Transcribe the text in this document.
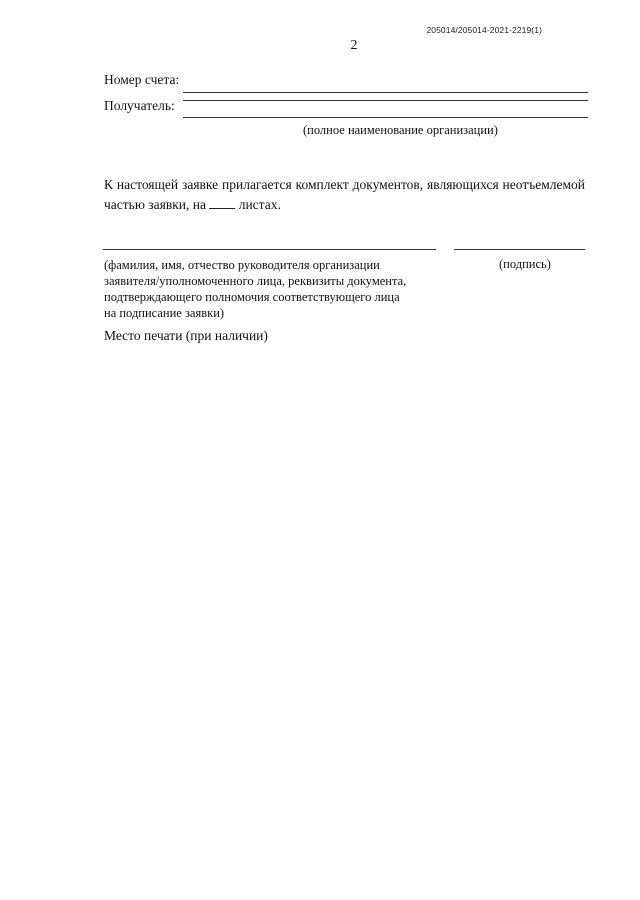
205014/205014-2021-2219(1)
2
Номер счета:
Получатель:
(полное наименование организации)
К настоящей заявке прилагается комплект документов, являющихся неотъемлемой частью заявки, на листах.
(фамилия, имя, отчество руководителя организации
заявителя/уполномоченного лица, реквизиты документа,
подтверждающего полномочия соответствующего лица
на подписание заявки)
(подпись)
Место печати (при наличии)
